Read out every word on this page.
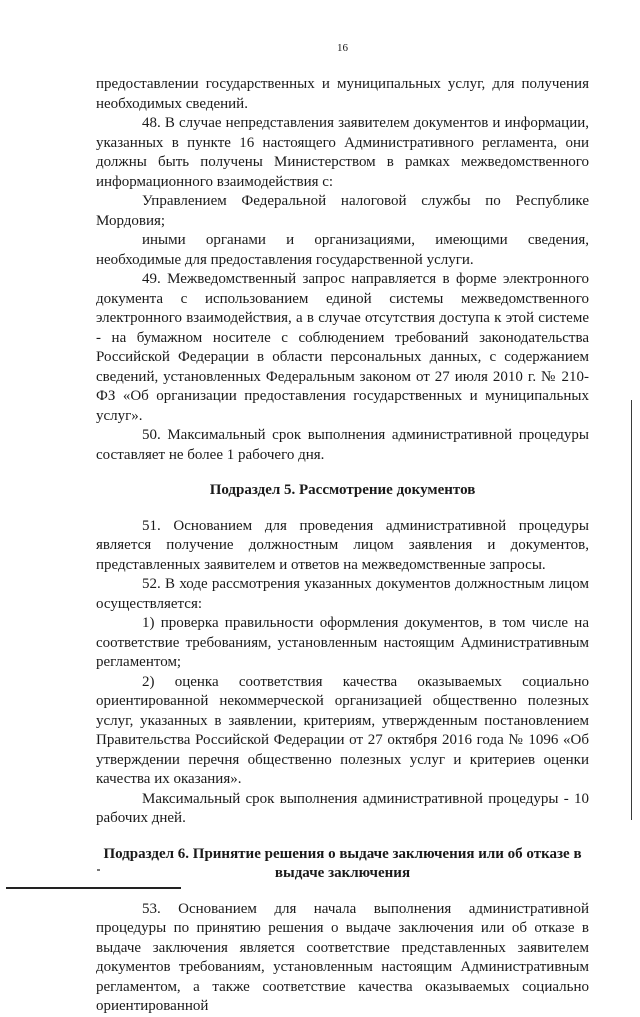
16

предоставлении государственных и муниципальных услуг, для получения необходимых сведений.

48. В случае непредставления заявителем документов и информации, указанных в пункте 16 настоящего Административного регламента, они должны быть получены Министерством в рамках межведомственного информационного взаимодействия с:

Управлением Федеральной налоговой службы по Республике Мордовия;

иными органами и организациями, имеющими сведения, необходимые для предоставления государственной услуги.

49. Межведомственный запрос направляется в форме электронного документа с использованием единой системы межведомственного электронного взаимодействия, а в случае отсутствия доступа к этой системе - на бумажном носителе с соблюдением требований законодательства Российской Федерации в области персональных данных, с содержанием сведений, установленных Федеральным законом от 27 июля 2010 г. № 210-ФЗ «Об организации предоставления государственных и муниципальных услуг».

50. Максимальный срок выполнения административной процедуры составляет не более 1 рабочего дня.

Подраздел 5. Рассмотрение документов

51. Основанием для проведения административной процедуры является получение должностным лицом заявления и документов, представленных заявителем и ответов на межведомственные запросы.

52. В ходе рассмотрения указанных документов должностным лицом осуществляется:

1) проверка правильности оформления документов, в том числе на соответствие требованиям, установленным настоящим Административным регламентом;

2) оценка соответствия качества оказываемых социально ориентированной некоммерческой организацией общественно полезных услуг, указанных в заявлении, критериям, утвержденным постановлением Правительства Российской Федерации от 27 октября 2016 года № 1096 «Об утверждении перечня общественно полезных услуг и критериев оценки качества их оказания».

Максимальный срок выполнения административной процедуры - 10 рабочих дней.

Подраздел 6. Принятие решения о выдаче заключения или об отказе в
выдаче заключения

53. Основанием для начала выполнения административной процедуры по принятию решения о выдаче заключения или об отказе в выдаче заключения является соответствие представленных заявителем документов требованиям, установленным настоящим Административным регламентом, а также соответствие качества оказываемых социально ориентированной
